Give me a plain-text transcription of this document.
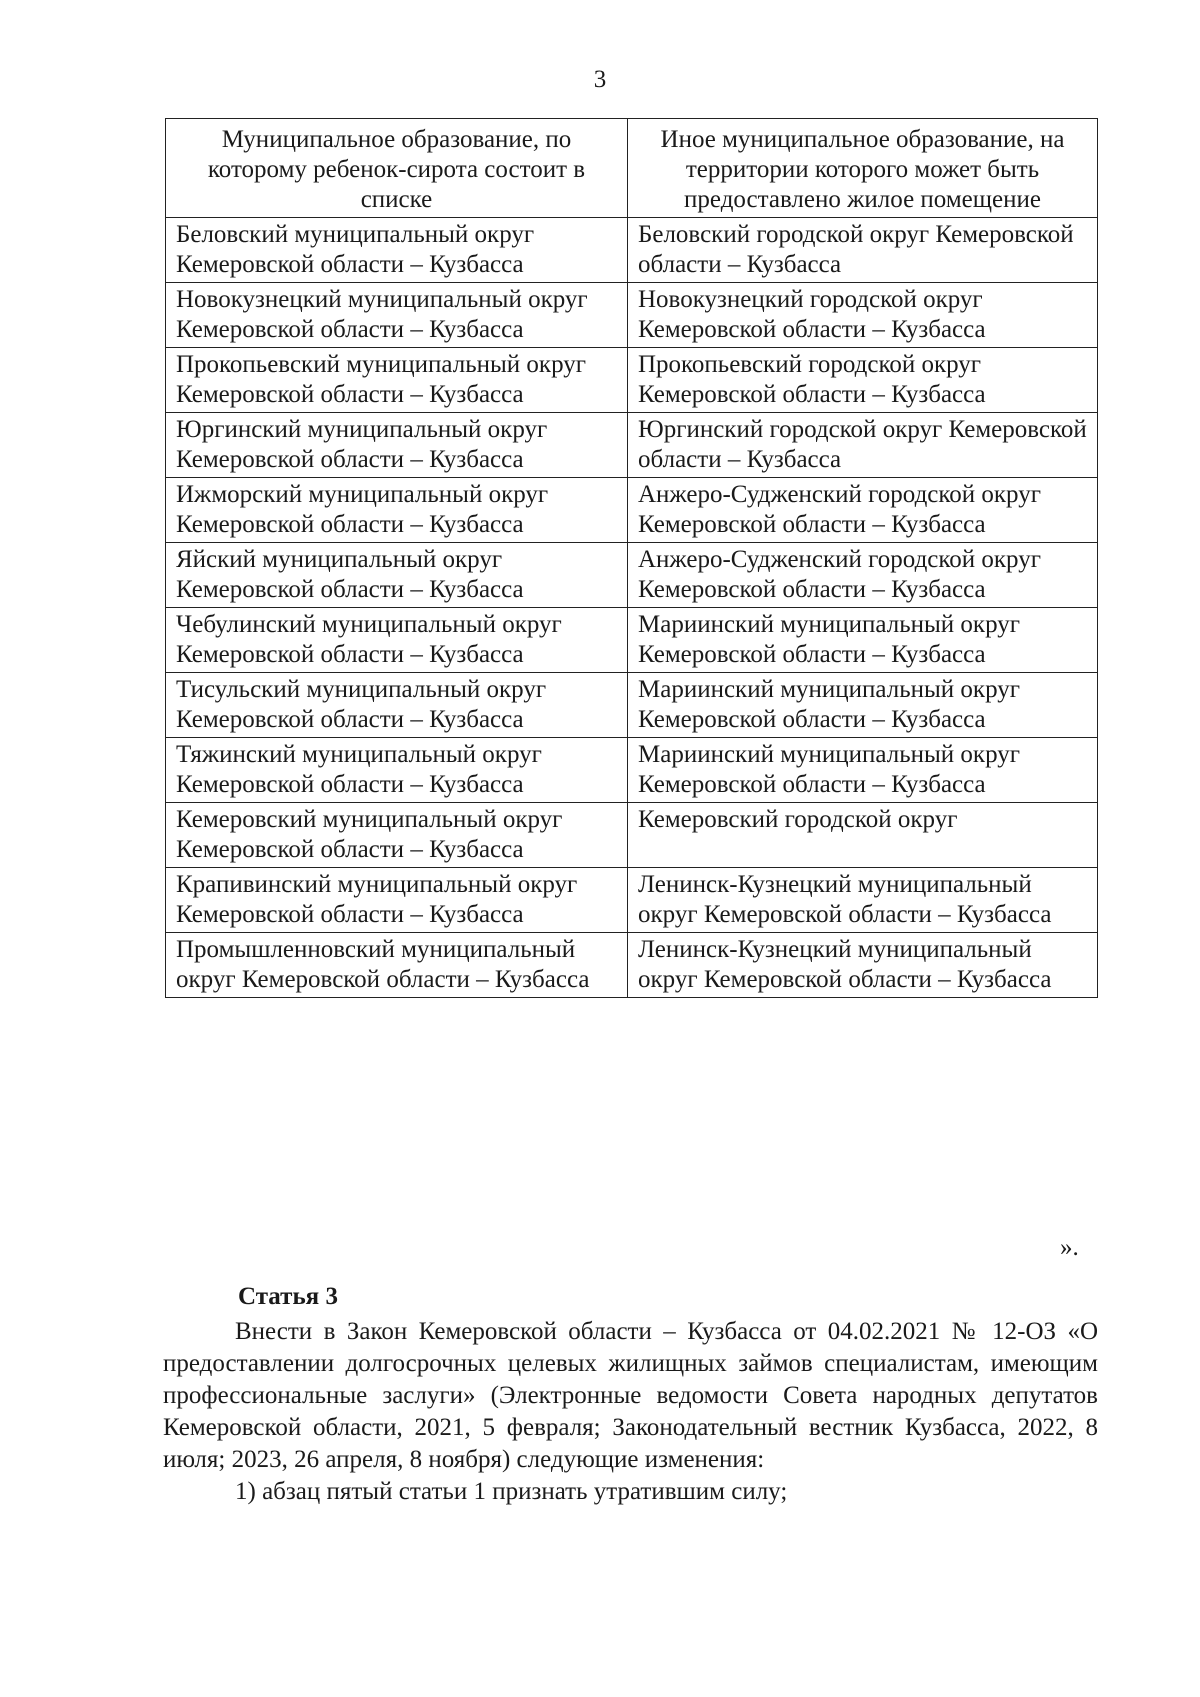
3
Муниципальное образование, по которому ребенок-сирота состоит в списке	Иное муниципальное образование, на территории которого может быть предоставлено жилое помещение
Беловский муниципальный округ Кемеровской области – Кузбасса	Беловский городской округ Кемеровской области – Кузбасса
Новокузнецкий муниципальный округ Кемеровской области – Кузбасса	Новокузнецкий городской округ Кемеровской области – Кузбасса
Прокопьевский муниципальный округ Кемеровской области – Кузбасса	Прокопьевский городской округ Кемеровской области – Кузбасса
Юргинский муниципальный округ Кемеровской области – Кузбасса	Юргинский городской округ Кемеровской области – Кузбасса
Ижморский муниципальный округ Кемеровской области – Кузбасса	Анжеро-Судженский городской округ Кемеровской области – Кузбасса
Яйский муниципальный округ Кемеровской области – Кузбасса	Анжеро-Судженский городской округ Кемеровской области – Кузбасса
Чебулинский муниципальный округ Кемеровской области – Кузбасса	Мариинский муниципальный округ Кемеровской области – Кузбасса
Тисульский муниципальный округ Кемеровской области – Кузбасса	Мариинский муниципальный округ Кемеровской области – Кузбасса
Тяжинский муниципальный округ Кемеровской области – Кузбасса	Мариинский муниципальный округ Кемеровской области – Кузбасса
Кемеровский муниципальный округ Кемеровской области – Кузбасса	Кемеровский городской округ
Крапивинский муниципальный округ Кемеровской области – Кузбасса	Ленинск-Кузнецкий муниципальный округ Кемеровской области – Кузбасса
Промышленновский муниципальный округ Кемеровской области – Кузбасса	Ленинск-Кузнецкий муниципальный округ Кемеровской области – Кузбасса
».
Статья 3

Внести в Закон Кемеровской области – Кузбасса от 04.02.2021 № 12-ОЗ «О предоставлении долгосрочных целевых жилищных займов специалистам, имеющим профессиональные заслуги» (Электронные ведомости Совета народных депутатов Кемеровской области, 2021, 5 февраля; Законодательный вестник Кузбасса, 2022, 8 июля; 2023, 26 апреля, 8 ноября) следующие изменения:

1) абзац пятый статьи 1 признать утратившим силу;
